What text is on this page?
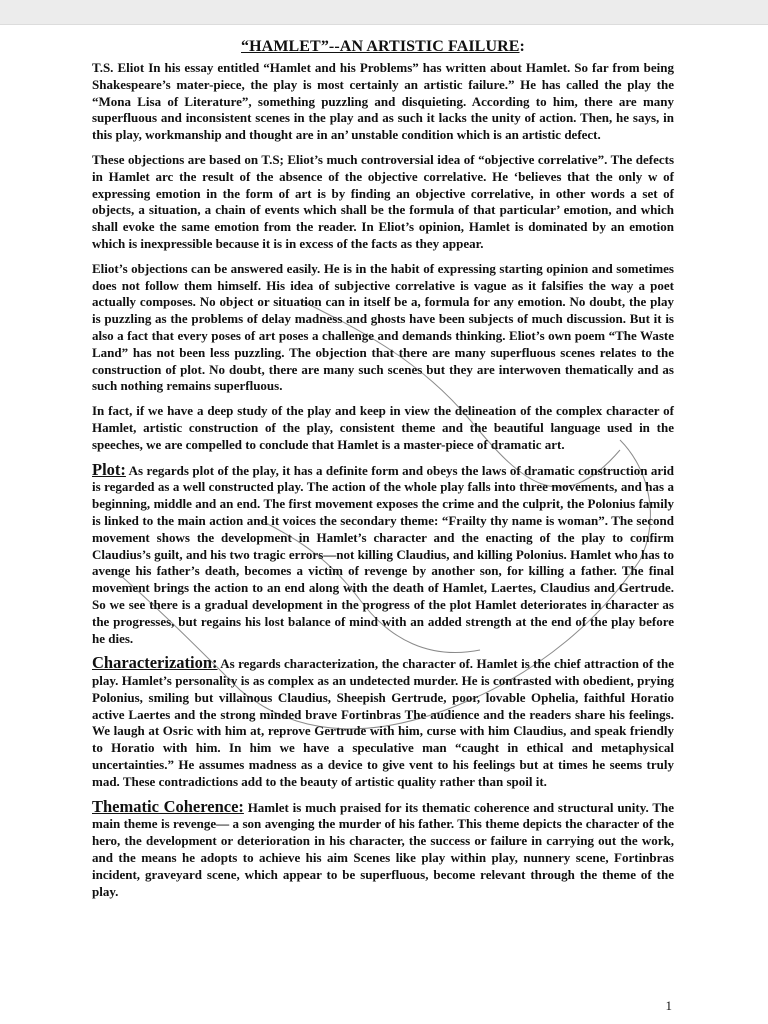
“HAMLET”--AN ARTISTIC FAILURE:

T.S. Eliot In his essay entitled “Hamlet and his Problems” has written about Hamlet. So far from being Shakespeare’s mater-piece, the play is most certainly an artistic failure.” He has called the play the “Mona Lisa of Literature”, something puzzling and disquieting. According to him, there are many superfluous and inconsistent scenes in the play and as such it lacks the unity of action. Then, he says, in this play, workmanship and thought are in an’ unstable condition which is an artistic defect.

These objections are based on T.S; Eliot’s much controversial idea of “objective correlative”. The defects in Hamlet arc the result of the absence of the objective correlative. He ‘believes that the only w of expressing emotion in the form of art is by finding an objective correlative, in other words a set of objects, a situation, a chain of events which shall be the formula of that particular’ emotion, and which shall evoke the same emotion from the reader. In Eliot’s opinion, Hamlet is dominated by an emotion which is inexpressible because it is in excess of the facts as they appear.

Eliot’s objections can be answered easily. He is in the habit of expressing starting opinion and sometimes does not follow them himself. His idea of subjective correlative is vague as it falsifies the way a poet actually composes. No object or situation can in itself be a, formula for any emotion. No doubt, the play is puzzling as the problems of delay madness and ghosts have been subjects of much discussion. But it is also a fact that every poses of art poses a challenge and demands thinking. Eliot’s own poem “The Waste Land” has not been less puzzling. The objection that there are many superfluous scenes relates to the construction of plot. No doubt, there are many such scenes but they are interwoven thematically and as such nothing remains superfluous.

In fact, if we have a deep study of the play and keep in view the delineation of the complex character of Hamlet, artistic construction of the play, consistent theme and the beautiful language used in the speeches, we are compelled to conclude that Hamlet is a master-piece of dramatic art.

Plot: As regards plot of the play, it has a definite form and obeys the laws of dramatic construction arid is regarded as a well constructed play. The action of the whole play falls into three movements, and has a beginning, middle and an end. The first movement exposes the crime and the culprit, the Polonius family is linked to the main action and it voices the secondary theme: “Frailty thy name is woman”. The second movement shows the development in Hamlet’s character and the enacting of the play to confirm Claudius’s guilt, and his two tragic errors—not killing Claudius, and killing Polonius. Hamlet who has to avenge his father’s death, becomes a victim of revenge by another son, for killing a father. The final movement brings the action to an end along with the death of Hamlet, Laertes, Claudius and Gertrude. So we see there is a gradual development in the progress of the plot Hamlet deteriorates in character as the progresses, but regains his lost balance of mind with an added strength at the end of the play before he dies.

Characterization: As regards characterization, the character of. Hamlet is the chief attraction of the play. Hamlet’s personality is as complex as an undetected murder. He is contrasted with obedient, prying Polonius, smiling but villainous Claudius, Sheepish Gertrude, poor, lovable Ophelia, faithful Horatio active Laertes and the strong minded brave Fortinbras The audience and the readers share his feelings. We laugh at Osric with him at, reprove Gertrude with him, curse with him Claudius, and speak friendly to Horatio with him. In him we have a speculative man “caught in ethical and metaphysical uncertainties.” He assumes madness as a device to give vent to his feelings but at times he seems truly mad. These contradictions add to the beauty of artistic quality rather than spoil it.

Thematic Coherence: Hamlet is much praised for its thematic coherence and structural unity. The main theme is revenge— a son avenging the murder of his father. This theme depicts the character of the hero, the development or deterioration in his character, the success or failure in carrying out the work, and the means he adopts to achieve his aim Scenes like play within play, nunnery scene, Fortinbras incident, graveyard scene, which appear to be superfluous, become relevant through the theme of the play.

1
